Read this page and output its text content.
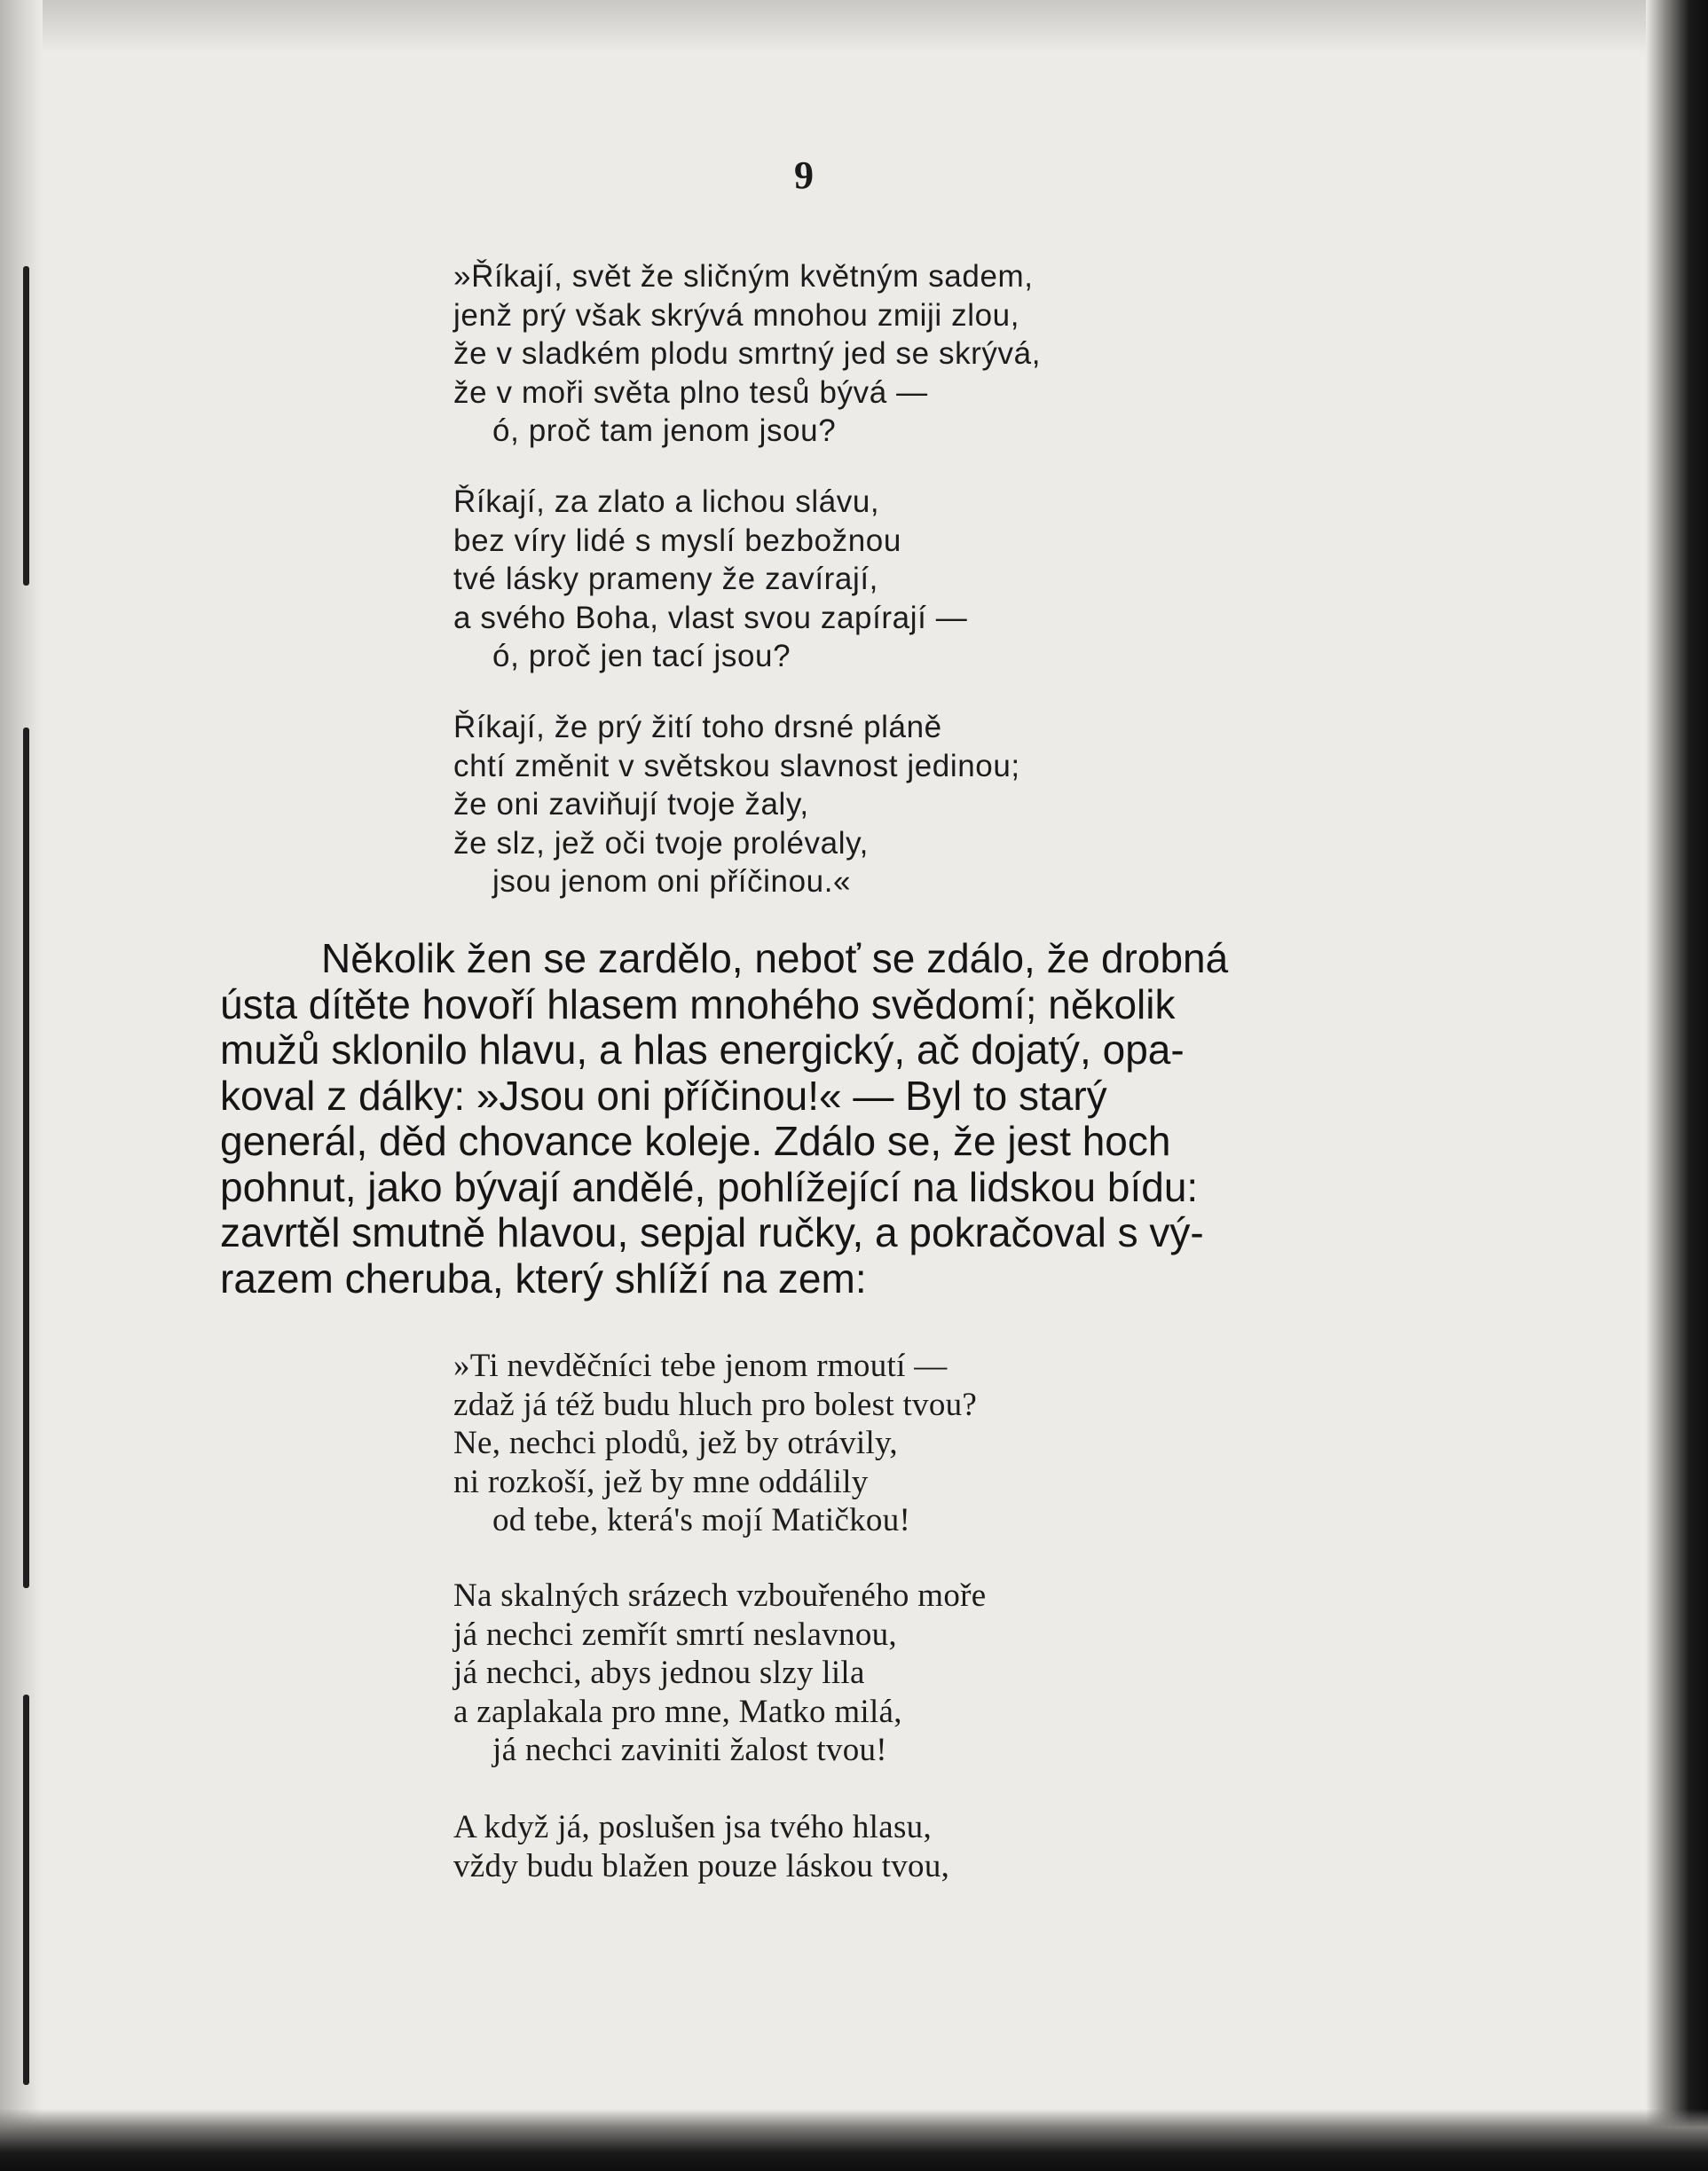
9
»Říkají, svět že sličným květným sadem,
jenž prý však skrývá mnohou zmiji zlou,
že v sladkém plodu smrtný jed se skrývá,
že v moři světa plno tesů bývá —
ó, proč tam jenom jsou?
Říkají, za zlato a lichou slávu,
bez víry lidé s myslí bezbožnou
tvé lásky prameny že zavírají,
a svého Boha, vlast svou zapírají —
ó, proč jen tací jsou?
Říkají, že prý žití toho drsné pláně
chtí změnit v světskou slavnost jedinou;
že oni zaviňují tvoje žaly,
že slz, jež oči tvoje prolévaly,
jsou jenom oni příčinou.«
Několik žen se zardělo, neboť se zdálo, že drobná
ústa dítěte hovoří hlasem mnohého svědomí; několik
mužů sklonilo hlavu, a hlas energický, ač dojatý, opa-
koval z dálky: »Jsou oni příčinou!« — Byl to starý
generál, děd chovance koleje. Zdálo se, že jest hoch
pohnut, jako bývají andělé, pohlížející na lidskou bídu:
zavrtěl smutně hlavou, sepjal ručky, a pokračoval s vý-
razem cheruba, který shlíží na zem:
»Ti nevděčníci tebe jenom rmoutí —
zdaž já též budu hluch pro bolest tvou?
Ne, nechci plodů, jež by otrávily,
ni rozkoší, jež by mne oddálily
od tebe, která's mojí Matičkou!
Na skalných srázech vzbouřeného moře
já nechci zemřít smrtí neslavnou,
já nechci, abys jednou slzy lila
a zaplakala pro mne, Matko milá,
já nechci zaviniti žalost tvou!
A když já, poslušen jsa tvého hlasu,
vždy budu blažen pouze láskou tvou,
